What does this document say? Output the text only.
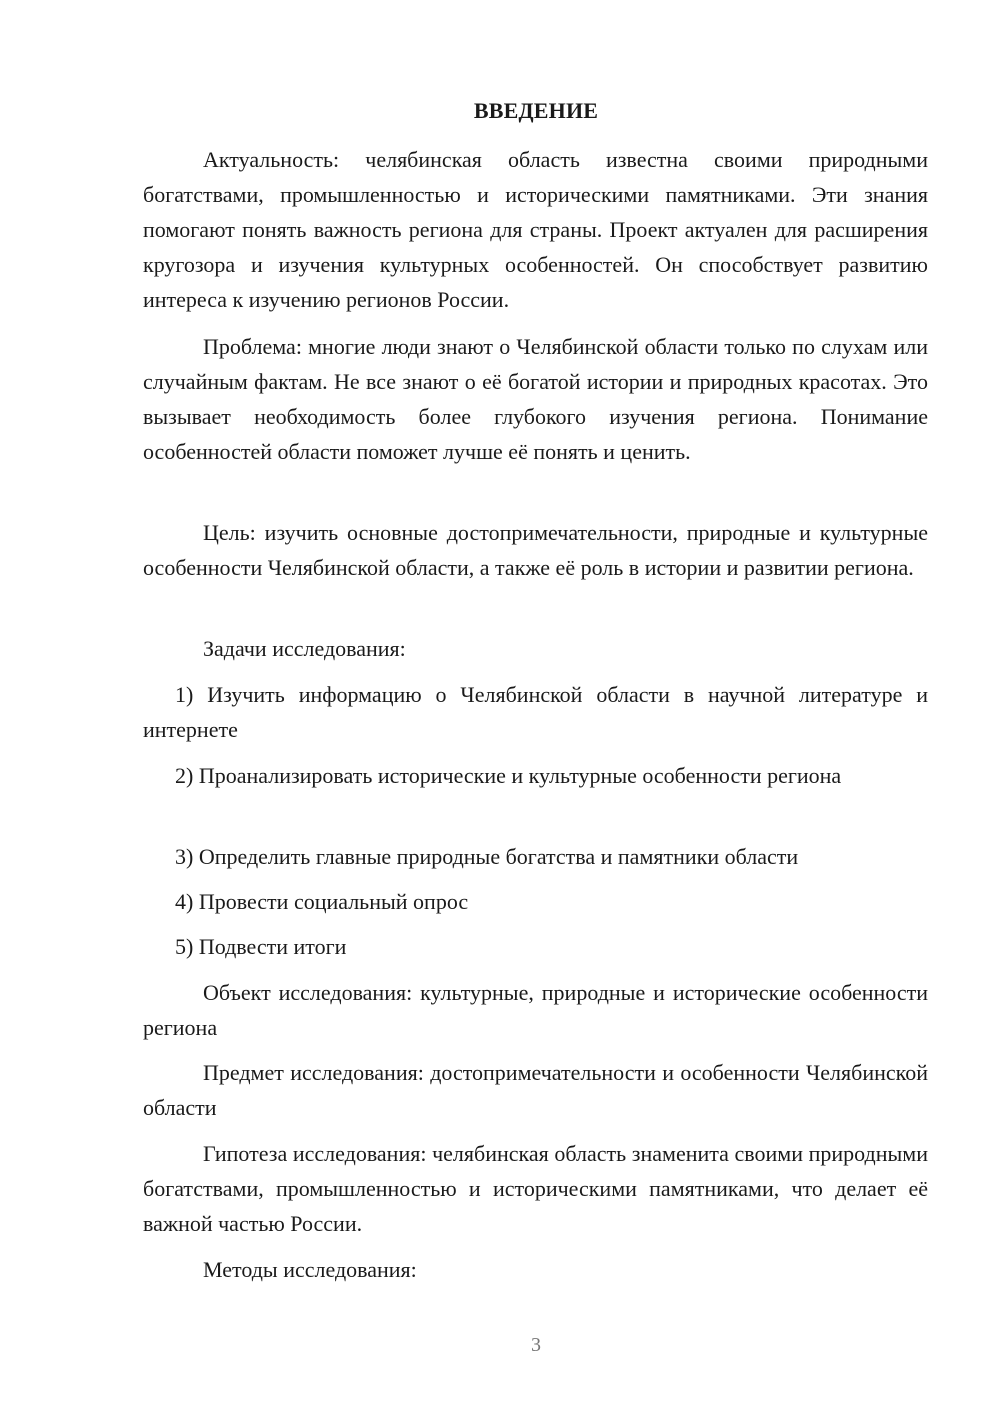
ВВЕДЕНИЕ

Актуальность: челябинская область известна своими природными богатствами, промышленностью и историческими памятниками. Эти знания помогают понять важность региона для страны. Проект актуален для расширения кругозора и изучения культурных особенностей. Он способствует развитию интереса к изучению регионов России.

Проблема: многие люди знают о Челябинской области только по слухам или случайным фактам. Не все знают о её богатой истории и природных красотах. Это вызывает необходимость более глубокого изучения региона. Понимание особенностей области поможет лучше её понять и ценить.

Цель: изучить основные достопримечательности, природные и культурные особенности Челябинской области, а также её роль в истории и развитии региона.

Задачи исследования:

1) Изучить информацию о Челябинской области в научной литературе и интернете

2) Проанализировать исторические и культурные особенности региона

3) Определить главные природные богатства и памятники области

4) Провести социальный опрос

5) Подвести итоги

Объект исследования: культурные, природные и исторические особенности региона

Предмет исследования: достопримечательности и особенности Челябинской области

Гипотеза исследования: челябинская область знаменита своими природными богатствами, промышленностью и историческими памятниками, что делает её важной частью России.

Методы исследования:

3
